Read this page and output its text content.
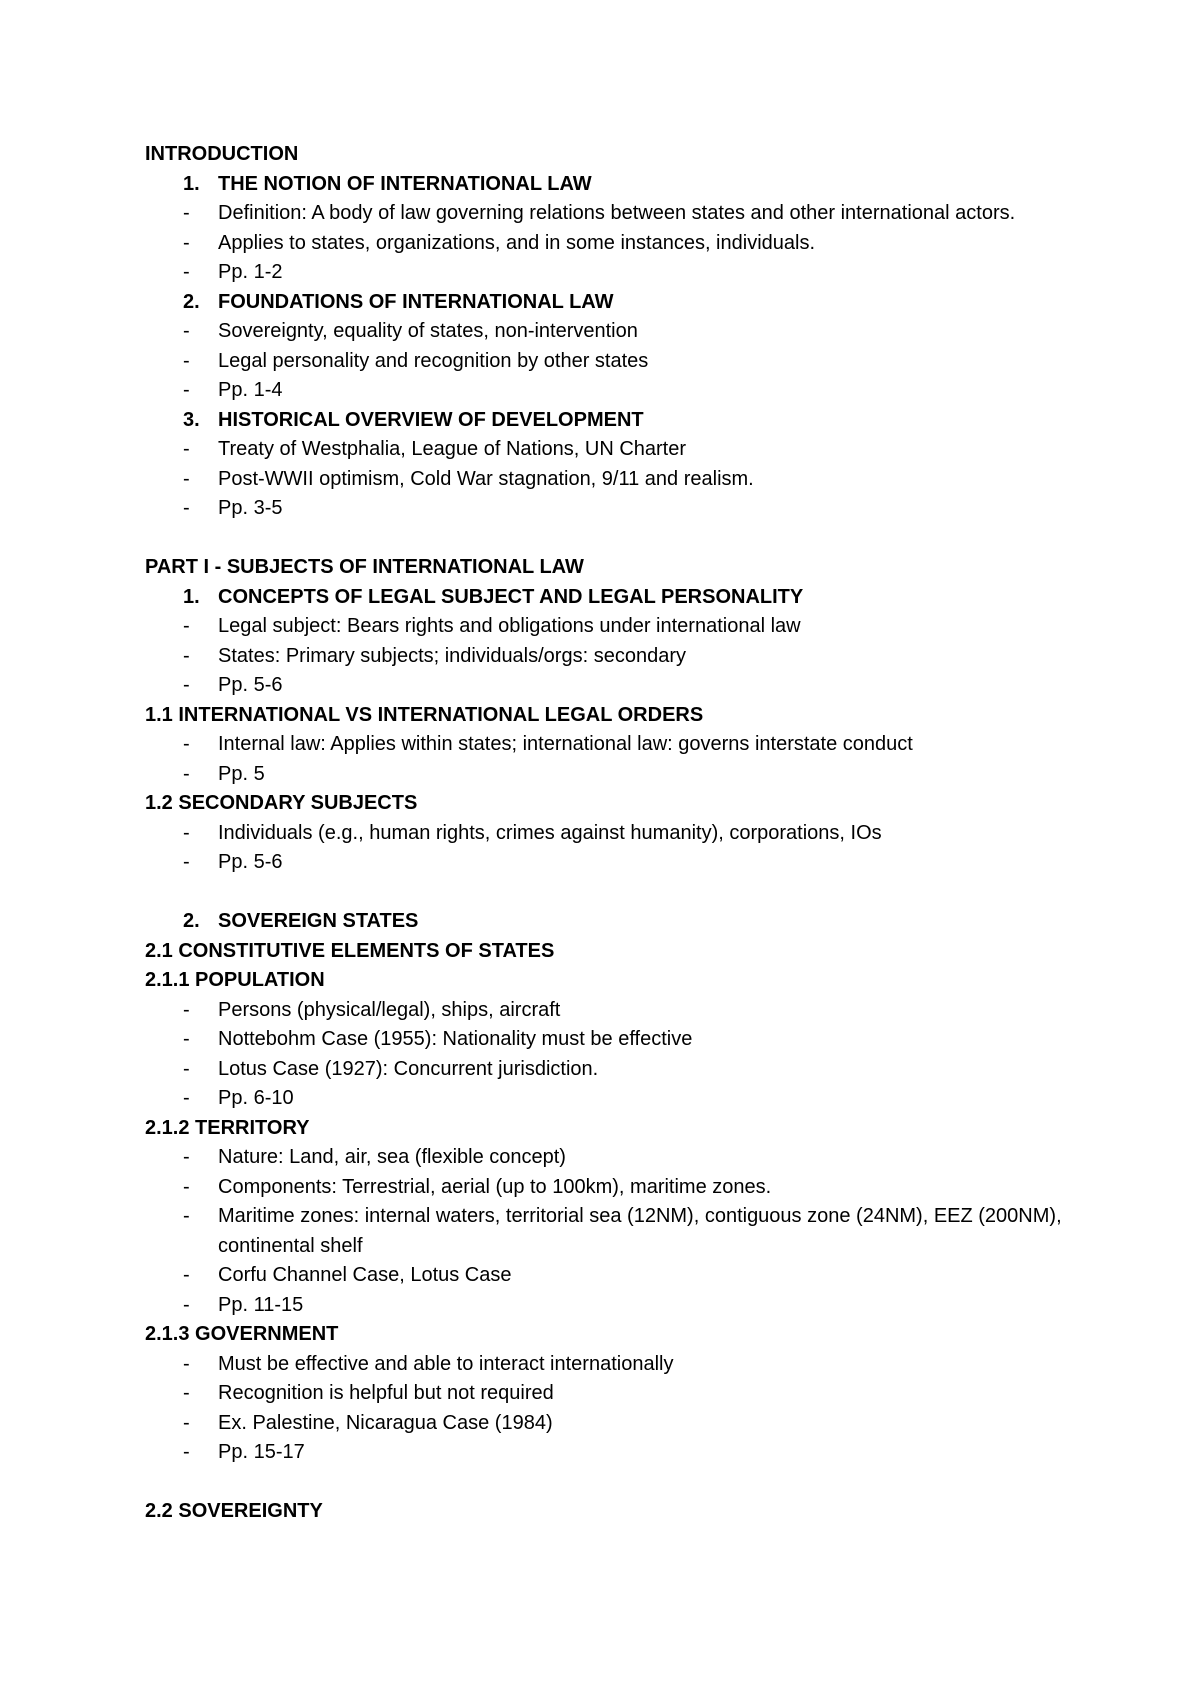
INTRODUCTION
1. THE NOTION OF INTERNATIONAL LAW
-	Definition: A body of law governing relations between states and other international actors.
-	Applies to states, organizations, and in some instances, individuals.
-	Pp. 1-2
2. FOUNDATIONS OF INTERNATIONAL LAW
-	Sovereignty, equality of states, non-intervention
-	Legal personality and recognition by other states
-	Pp. 1-4
3. HISTORICAL OVERVIEW OF DEVELOPMENT
-	Treaty of Westphalia, League of Nations, UN Charter
-	Post-WWII optimism, Cold War stagnation, 9/11 and realism.
-	Pp. 3-5
PART I - SUBJECTS OF INTERNATIONAL LAW
1. CONCEPTS OF LEGAL SUBJECT AND LEGAL PERSONALITY
-	Legal subject: Bears rights and obligations under international law
-	States: Primary subjects; individuals/orgs: secondary
-	Pp. 5-6
1.1 INTERNATIONAL VS INTERNATIONAL LEGAL ORDERS
-	Internal law: Applies within states; international law: governs interstate conduct
-	Pp. 5
1.2 SECONDARY SUBJECTS
-	Individuals (e.g., human rights, crimes against humanity), corporations, IOs
-	Pp. 5-6
2. SOVEREIGN STATES
2.1 CONSTITUTIVE ELEMENTS OF STATES
2.1.1 POPULATION
-	Persons (physical/legal), ships, aircraft
-	Nottebohm Case (1955): Nationality must be effective
-	Lotus Case (1927): Concurrent jurisdiction.
-	Pp. 6-10
2.1.2 TERRITORY
-	Nature: Land, air, sea (flexible concept)
-	Components: Terrestrial, aerial (up to 100km), maritime zones.
-	Maritime zones: internal waters, territorial sea (12NM), contiguous zone (24NM), EEZ (200NM), continental shelf
-	Corfu Channel Case, Lotus Case
-	Pp. 11-15
2.1.3 GOVERNMENT
-	Must be effective and able to interact internationally
-	Recognition is helpful but not required
-	Ex. Palestine, Nicaragua Case (1984)
-	Pp. 15-17
2.2 SOVEREIGNTY
